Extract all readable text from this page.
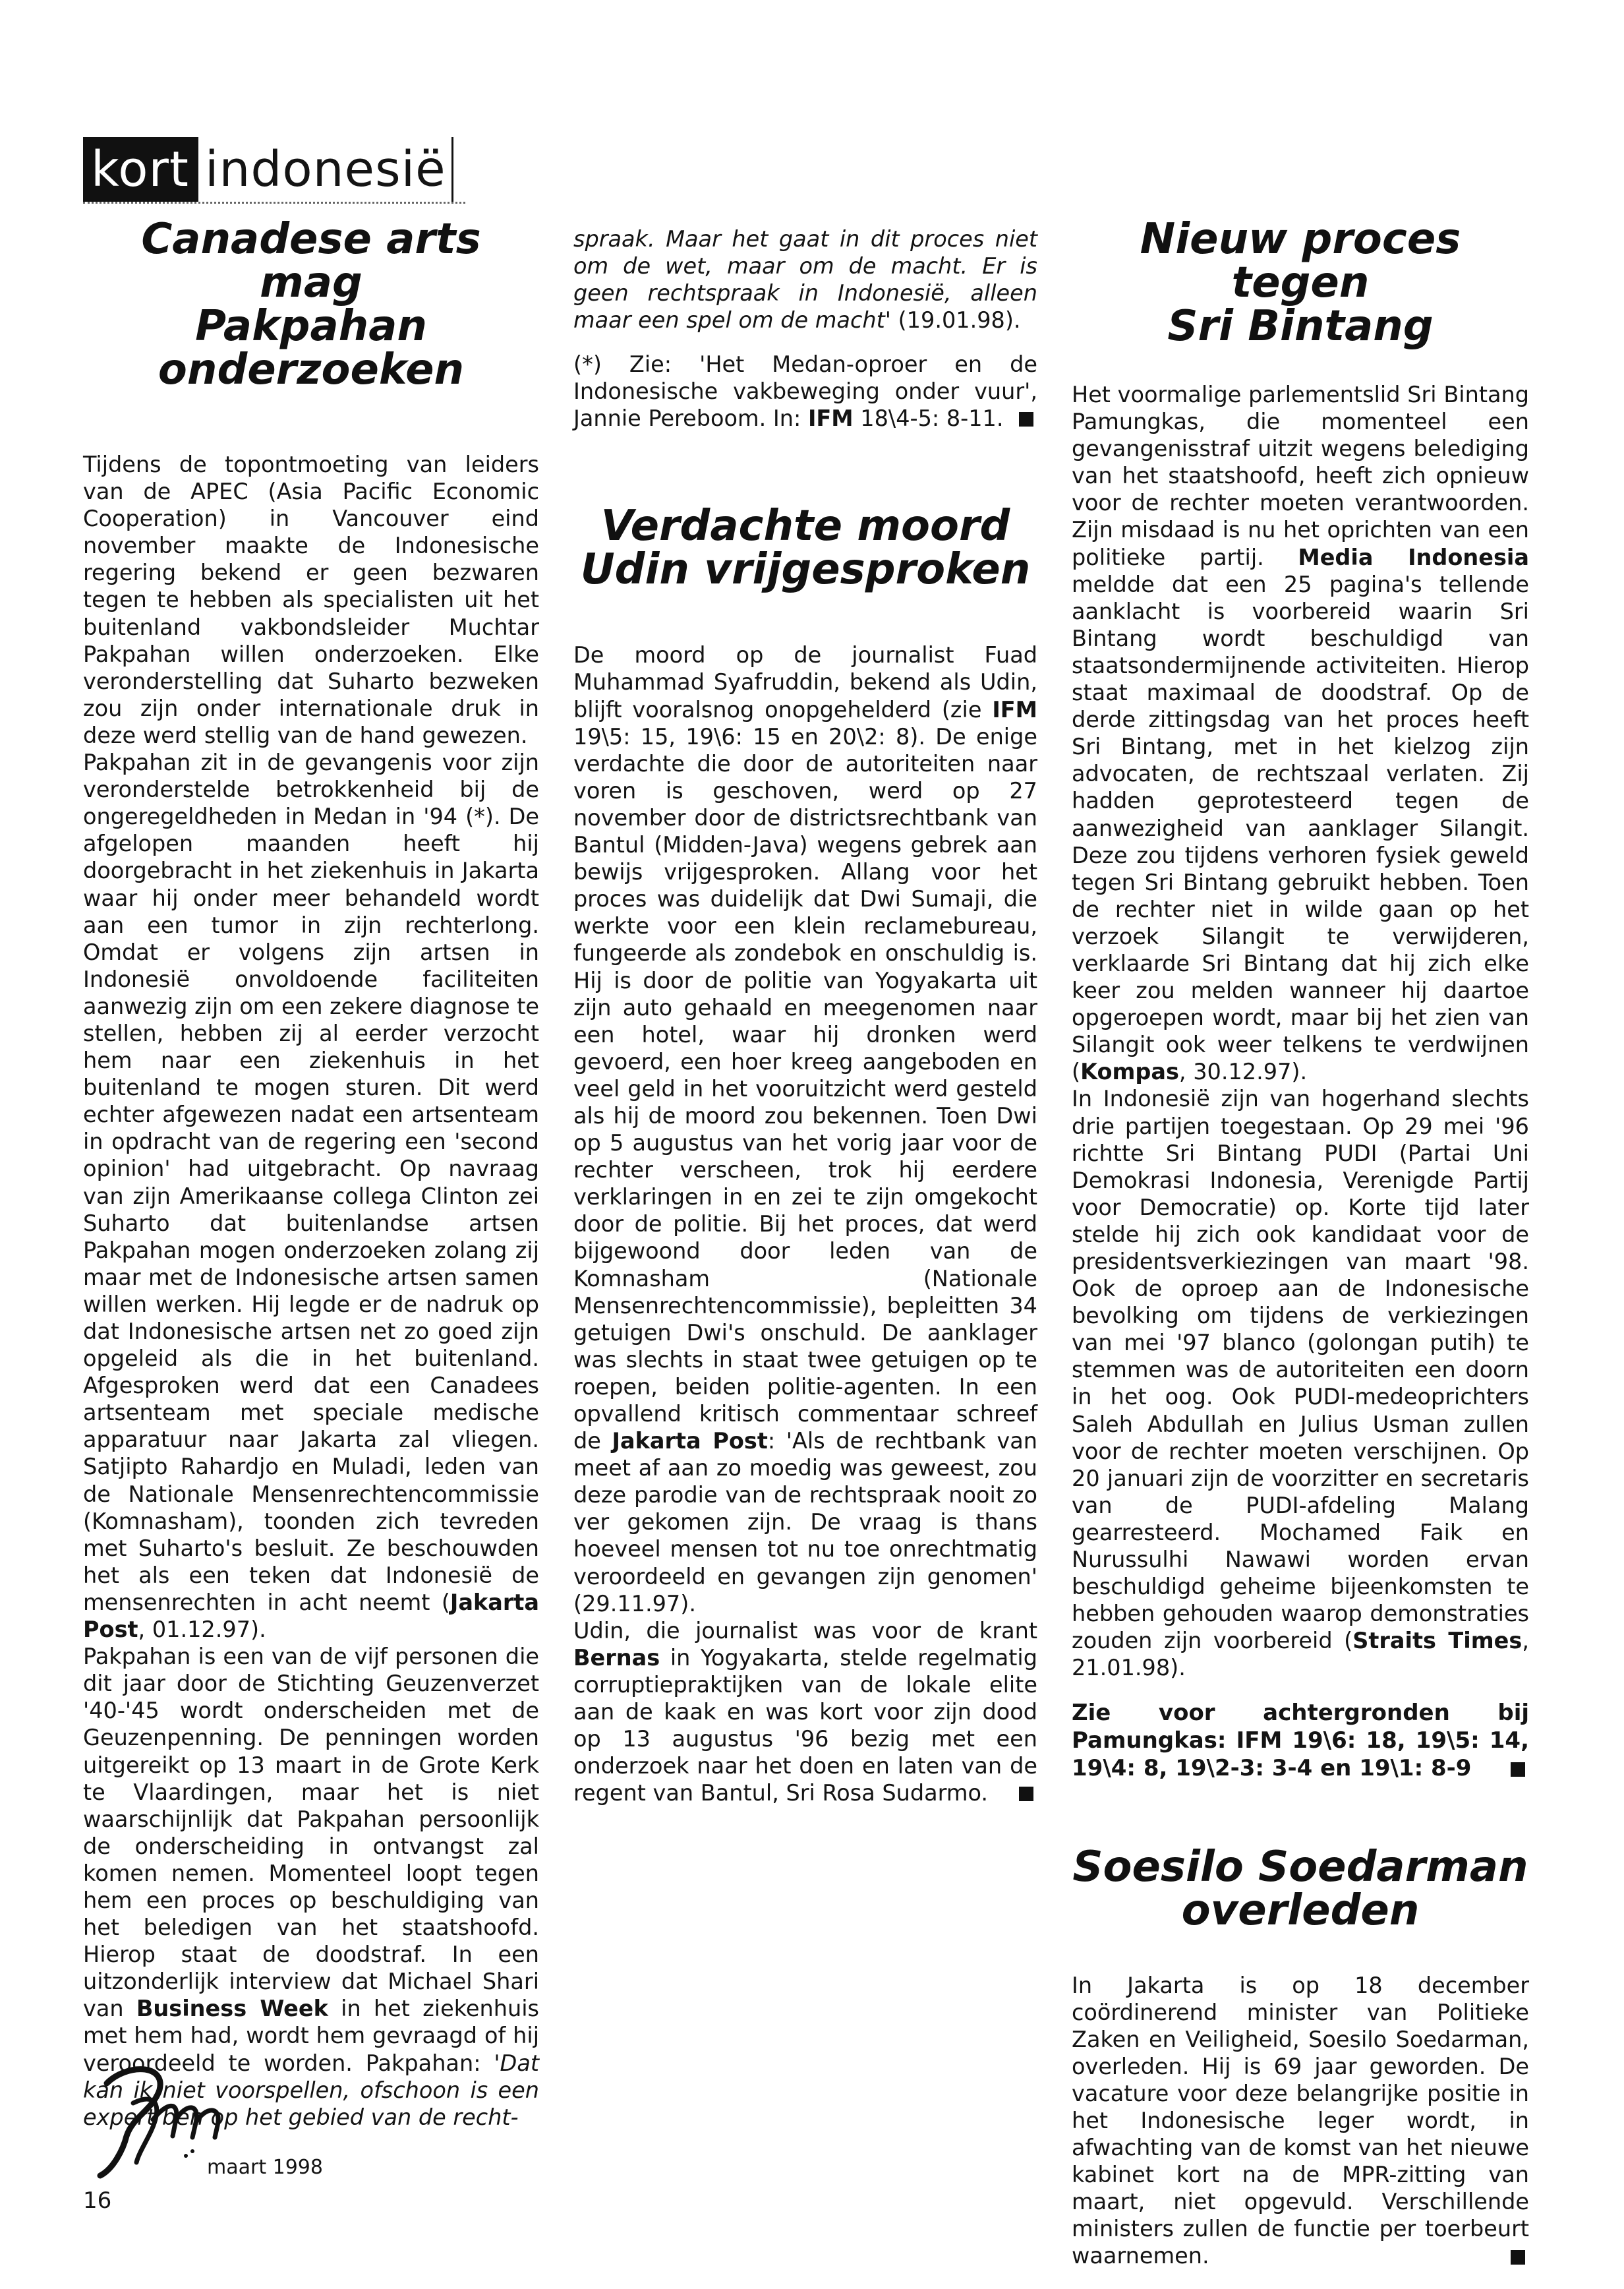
kort indonesië
Canadese arts mag
Pakpahan
onderzoeken

Tijdens de topontmoeting van leiders van de APEC (Asia Pacific Economic Cooperation) in Vancouver eind november maakte de Indonesische regering bekend er geen bezwaren tegen te hebben als specialisten uit het buitenland vakbondsleider Muchtar Pakpahan willen onderzoeken. Elke veronderstelling dat Suharto bezweken zou zijn onder internationale druk in deze werd stellig van de hand gewezen.

Pakpahan zit in de gevangenis voor zijn veronderstelde betrokkenheid bij de ongeregeldheden in Medan in '94 (*). De afgelopen maanden heeft hij doorgebracht in het ziekenhuis in Jakarta waar hij onder meer behandeld wordt aan een tumor in zijn rechterlong. Omdat er volgens zijn artsen in Indonesië onvoldoende faciliteiten aanwezig zijn om een zekere diagnose te stellen, hebben zij al eerder verzocht hem naar een ziekenhuis in het buitenland te mogen sturen. Dit werd echter afgewezen nadat een artsenteam in opdracht van de regering een 'second opinion' had uitgebracht. Op navraag van zijn Amerikaanse collega Clinton zei Suharto dat buitenlandse artsen Pakpahan mogen onderzoeken zolang zij maar met de Indonesische artsen samen willen werken. Hij legde er de nadruk op dat Indonesische artsen net zo goed zijn opgeleid als die in het buitenland. Afgesproken werd dat een Canadees artsenteam met speciale medische apparatuur naar Jakarta zal vliegen. Satjipto Rahardjo en Muladi, leden van de Nationale Mensenrechtencommissie (Komnasham), toonden zich tevreden met Suharto's besluit. Ze beschouwden het als een teken dat Indonesië de mensenrechten in acht neemt (Jakarta Post, 01.12.97).

Pakpahan is een van de vijf personen die dit jaar door de Stichting Geuzenverzet '40-'45 wordt onderscheiden met de Geuzenpenning. De penningen worden uitgereikt op 13 maart in de Grote Kerk te Vlaardingen, maar het is niet waarschijnlijk dat Pakpahan persoonlijk de onderscheiding in ontvangst zal komen nemen. Momenteel loopt tegen hem een proces op beschuldiging van het beledigen van het staatshoofd. Hierop staat de doodstraf. In een uitzonderlijk interview dat Michael Shari van Business Week in het ziekenhuis met hem had, wordt hem gevraagd of hij veroordeeld te worden. Pakpahan: 'Dat kan ik niet voorspellen, ofschoon is een expert ben op het gebied van de recht-

spraak. Maar het gaat in dit proces niet om de wet, maar om de macht. Er is geen rechtspraak in Indonesië, alleen maar een spel om de macht' (19.01.98).

(*) Zie: 'Het Medan-oproer en de Indonesische vakbeweging onder vuur', Jannie Pereboom. In: IFM 18\4-5: 8-11.

Verdachte moord
Udin vrijgesproken

De moord op de journalist Fuad Muhammad Syafruddin, bekend als Udin, blijft vooralsnog onopgehelderd (zie IFM 19\5: 15, 19\6: 15 en 20\2: 8). De enige verdachte die door de autoriteiten naar voren is geschoven, werd op 27 november door de districtsrechtbank van Bantul (Midden-Java) wegens gebrek aan bewijs vrijgesproken. Allang voor het proces was duidelijk dat Dwi Sumaji, die werkte voor een klein reclamebureau, fungeerde als zondebok en onschuldig is. Hij is door de politie van Yogyakarta uit zijn auto gehaald en meegenomen naar een hotel, waar hij dronken werd gevoerd, een hoer kreeg aangeboden en veel geld in het vooruitzicht werd gesteld als hij de moord zou bekennen. Toen Dwi op 5 augustus van het vorig jaar voor de rechter verscheen, trok hij eerdere verklaringen in en zei te zijn omgekocht door de politie. Bij het proces, dat werd bijgewoond door leden van de Komnasham (Nationale Mensenrechtencommissie), bepleitten 34 getuigen Dwi's onschuld. De aanklager was slechts in staat twee getuigen op te roepen, beiden politie-agenten. In een opvallend kritisch commentaar schreef de Jakarta Post: 'Als de rechtbank van meet af aan zo moedig was geweest, zou deze parodie van de rechtspraak nooit zo ver gekomen zijn. De vraag is thans hoeveel mensen tot nu toe onrechtmatig veroordeeld en gevangen zijn genomen' (29.11.97).

Udin, die journalist was voor de krant Bernas in Yogyakarta, stelde regelmatig corruptiepraktijken van de lokale elite aan de kaak en was kort voor zijn dood op 13 augustus '96 bezig met een onderzoek naar het doen en laten van de regent van Bantul, Sri Rosa Sudarmo.

Nieuw proces tegen
Sri Bintang

Het voormalige parlementslid Sri Bintang Pamungkas, die momenteel een gevangenisstraf uitzit wegens belediging van het staatshoofd, heeft zich opnieuw voor de rechter moeten verantwoorden. Zijn misdaad is nu het oprichten van een politieke partij. Media Indonesia meldde dat een 25 pagina's tellende aanklacht is voorbereid waarin Sri Bintang wordt beschuldigd van staatsondermijnende activiteiten. Hierop staat maximaal de doodstraf. Op de derde zittingsdag van het proces heeft Sri Bintang, met in het kielzog zijn advocaten, de rechtszaal verlaten. Zij hadden geprotesteerd tegen de aanwezigheid van aanklager Silangit. Deze zou tijdens verhoren fysiek geweld tegen Sri Bintang gebruikt hebben. Toen de rechter niet in wilde gaan op het verzoek Silangit te verwijderen, verklaarde Sri Bintang dat hij zich elke keer zou melden wanneer hij daartoe opgeroepen wordt, maar bij het zien van Silangit ook weer telkens te verdwijnen (Kompas, 30.12.97).

In Indonesië zijn van hogerhand slechts drie partijen toegestaan. Op 29 mei '96 richtte Sri Bintang PUDI (Partai Uni Demokrasi Indonesia, Verenigde Partij voor Democratie) op. Korte tijd later stelde hij zich ook kandidaat voor de presidentsverkiezingen van maart '98. Ook de oproep aan de Indonesische bevolking om tijdens de verkiezingen van mei '97 blanco (golongan putih) te stemmen was de autoriteiten een doorn in het oog. Ook PUDI-medeoprichters Saleh Abdullah en Julius Usman zullen voor de rechter moeten verschijnen. Op 20 januari zijn de voorzitter en secretaris van de PUDI-afdeling Malang gearresteerd. Mochamed Faik en Nurussulhi Nawawi worden ervan beschuldigd geheime bijeenkomsten te hebben gehouden waarop demonstraties zouden zijn voorbereid (Straits Times, 21.01.98).

Zie voor achtergronden bij Pamungkas: IFM 19\6: 18, 19\5: 14, 19\4: 8, 19\2-3: 3-4 en 19\1: 8-9

Soesilo Soedarman
overleden

In Jakarta is op 18 december coördinerend minister van Politieke Zaken en Veiligheid, Soesilo Soedarman, overleden. Hij is 69 jaar geworden. De vacature voor deze belangrijke positie in het Indonesische leger wordt, in afwachting van de komst van het nieuwe kabinet kort na de MPR-zitting van maart, niet opgevuld. Verschillende ministers zullen de functie per toerbeurt waarnemen.

maart 1998
16
